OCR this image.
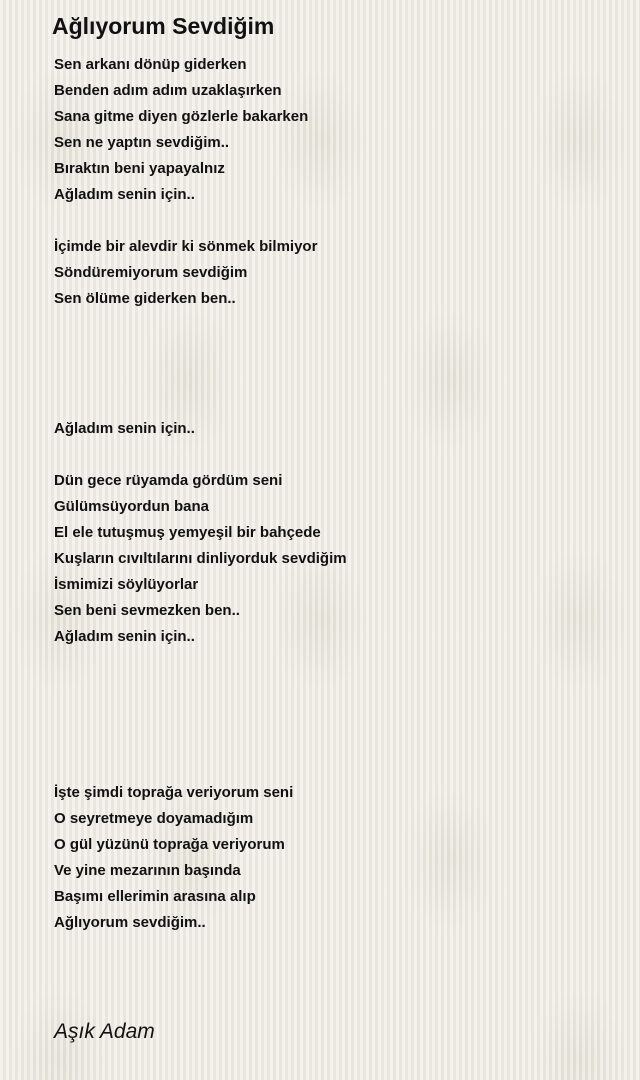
Ağlıyorum Sevdiğim
Sen arkanı dönüp giderken
Benden adım adım uzaklaşırken
Sana gitme diyen gözlerle bakarken
Sen ne yaptın sevdiğim..
Bıraktın beni yapayalnız
Ağladım senin için..
İçimde bir alevdir ki sönmek bilmiyor
Söndüremiyorum sevdiğim
Sen ölüme giderken ben..
Ağladım senin için..
Dün gece rüyamda gördüm seni
Gülümsüyordun bana
El ele tutuşmuş yemyeşil bir bahçede
Kuşların cıvıltılarını dinliyorduk sevdiğim
İsmimizi söylüyorlar
Sen beni sevmezken ben..
Ağladım senin için..
İşte şimdi toprağa veriyorum seni
O seyretmeye doyamadığım
O gül yüzünü toprağa veriyorum
Ve yine mezarının başında
Başımı ellerimin arasına alıp
Ağlıyorum sevdiğim..
Aşık Adam
